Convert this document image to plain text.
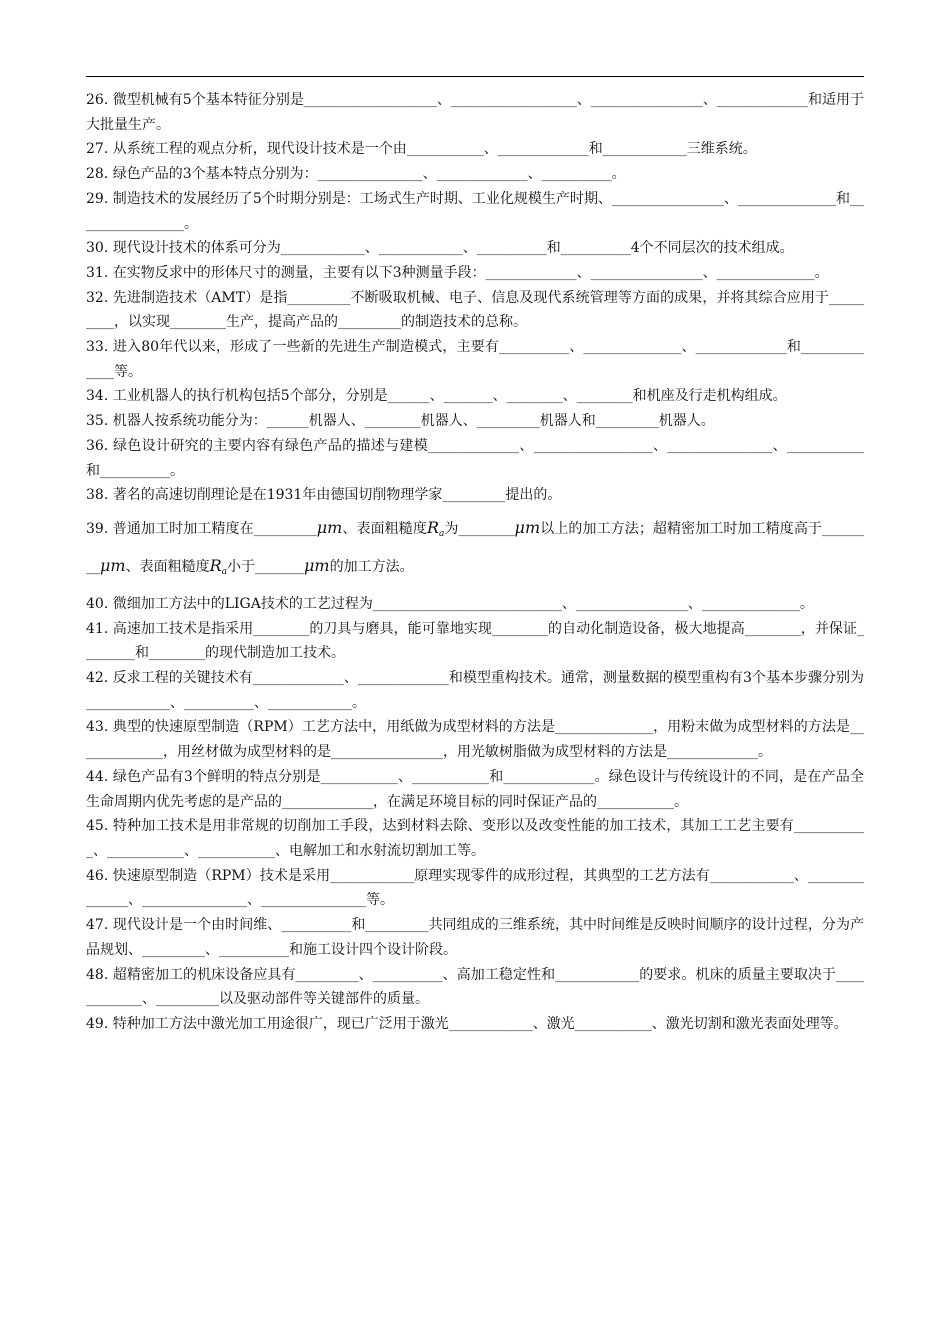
26. 微型机械有5个基本特征分别是___________________、__________________、________________、_____________和适用于大批量生产。

27. 从系统工程的观点分析，现代设计技术是一个由___________、_____________和____________三维系统。

28. 绿色产品的3个基本特点分别为：_______________、_____________、__________。

29. 制造技术的发展经历了5个时期分别是：工场式生产时期、工业化规模生产时期、________________、______________和________________。

30. 现代设计技术的体系可分为____________、____________、__________和__________4个不同层次的技术组成。

31. 在实物反求中的形体尺寸的测量，主要有以下3种测量手段：_____________、________________、______________。

32. 先进制造技术（AMT）是指_________不断吸取机械、电子、信息及现代系统管理等方面的成果，并将其综合应用于_________，以实现________生产，提高产品的_________的制造技术的总称。

33. 进入80年代以来，形成了一些新的先进生产制造模式，主要有__________、______________、_____________和_____________等。

34. 工业机器人的执行机构包括5个部分，分别是______、_______、________、________和机座及行走机构组成。

35. 机器人按系统功能分为：______机器人、________机器人、_________机器人和_________机器人。

36. 绿色设计研究的主要内容有绿色产品的描述与建模_____________、_________________、_______________、___________和__________。

38. 著名的高速切削理论是在1931年由德国切削物理学家_________提出的。

39. 普通加工时加工精度在_________μm、表面粗糙度$R_a$为________μm以上的加工方法；超精密加工时加工精度高于________μm、表面粗糙度$R_a$小于_______μm的加工方法。

40. 微细加工方法中的LIGA技术的工艺过程为___________________________、________________、______________。

41. 高速加工技术是指采用________的刀具与磨具，能可靠地实现________的自动化制造设备，极大地提高________，并保证________和________的现代制造加工技术。

42. 反求工程的关键技术有_____________、_____________和模型重构技术。通常，测量数据的模型重构有3个基本步骤分别为____________、__________、____________。

43. 典型的快速原型制造（RPM）工艺方法中，用纸做为成型材料的方法是______________，用粉末做为成型材料的方法是_____________，用丝材做为成型材料的是________________，用光敏树脂做为成型材料的方法是_____________。

44. 绿色产品有3个鲜明的特点分别是___________、___________和_____________。绿色设计与传统设计的不同，是在产品全生命周期内优先考虑的是产品的_____________，在满足环境目标的同时保证产品的___________。

45. 特种加工技术是用非常规的切削加工手段，达到材料去除、变形以及改变性能的加工技术，其加工工艺主要有___________、___________、___________、电解加工和水射流切割加工等。

46. 快速原型制造（RPM）技术是采用____________原理实现零件的成形过程，其典型的工艺方法有____________、______________、_______________、_______________等。

47. 现代设计是一个由时间维、__________和_________共同组成的三维系统，其中时间维是反映时间顺序的设计过程，分为产品规划、_________、__________和施工设计四个设计阶段。

48. 超精密加工的机床设备应具有_________、__________、高加工稳定性和____________的要求。机床的质量主要取决于____________、_________以及驱动部件等关键部件的质量。

49. 特种加工方法中激光加工用途很广，现已广泛用于激光____________、激光___________、激光切割和激光表面处理等。
